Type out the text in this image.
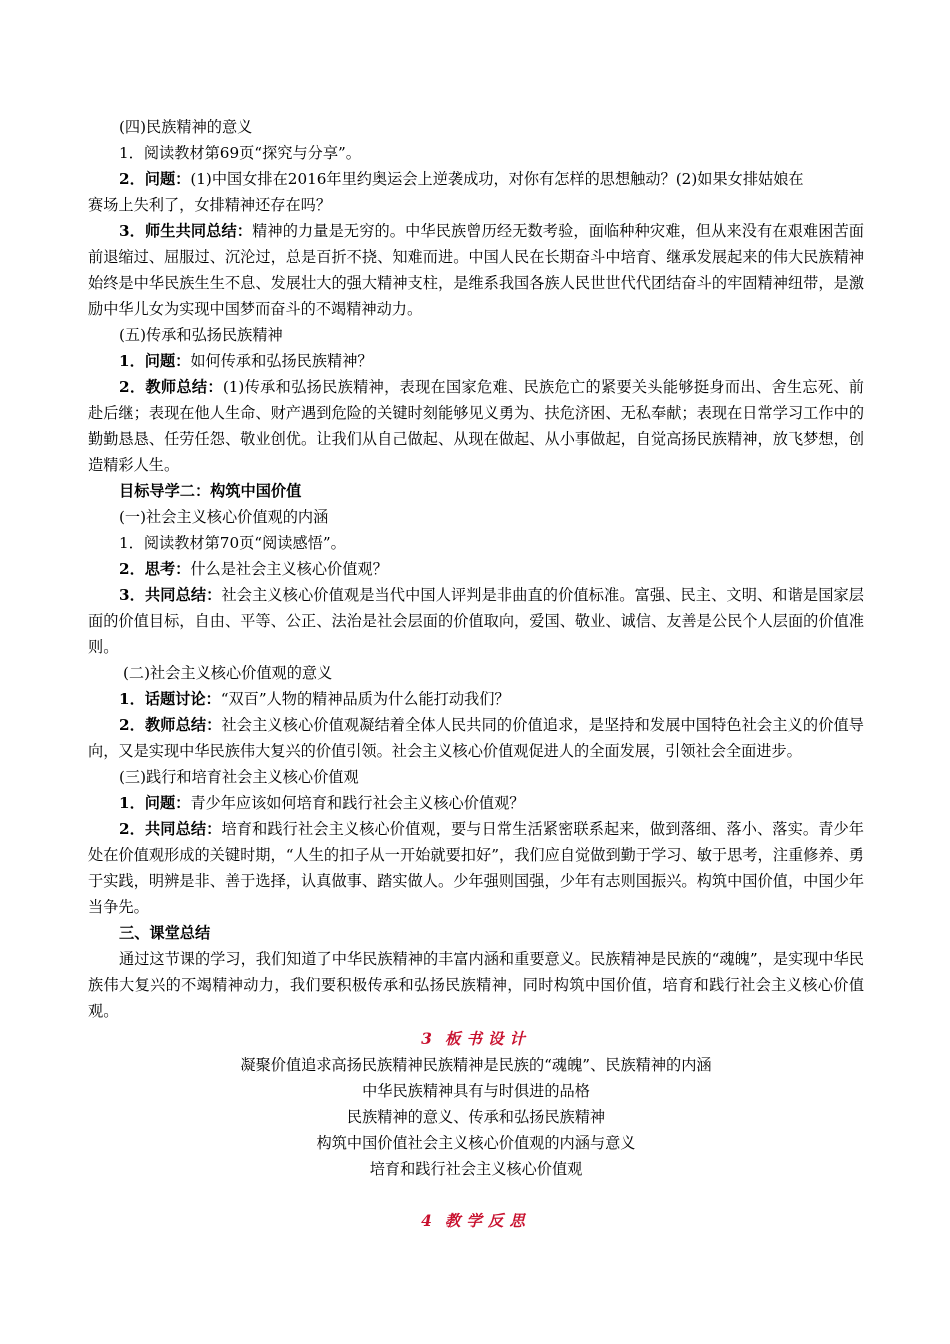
(四)民族精神的意义

1．阅读教材第69页“探究与分享”。

2．问题：(1)中国女排在2016年里约奥运会上逆袭成功，对你有怎样的思想触动？(2)如果女排姑娘在

赛场上失利了，女排精神还存在吗？

3．师生共同总结：精神的力量是无穷的。中华民族曾历经无数考验，面临种种灾难，但从来没有在艰难困苦面前退缩过、屈服过、沉沦过，总是百折不挠、知难而进。中国人民在长期奋斗中培育、继承发展起来的伟大民族精神始终是中华民族生生不息、发展壮大的强大精神支柱，是维系我国各族人民世世代代团结奋斗的牢固精神纽带，是激励中华儿女为实现中国梦而奋斗的不竭精神动力。

(五)传承和弘扬民族精神

1．问题：如何传承和弘扬民族精神？

2．教师总结：(1)传承和弘扬民族精神，表现在国家危难、民族危亡的紧要关头能够挺身而出、舍生忘死、前赴后继；表现在他人生命、财产遇到危险的关键时刻能够见义勇为、扶危济困、无私奉献；表现在日常学习工作中的勤勤恳恳、任劳任怨、敬业创优。让我们从自己做起、从现在做起、从小事做起，自觉高扬民族精神，放飞梦想，创造精彩人生。

目标导学二：构筑中国价值

(一)社会主义核心价值观的内涵

1．阅读教材第70页“阅读感悟”。

2．思考：什么是社会主义核心价值观？

3．共同总结：社会主义核心价值观是当代中国人评判是非曲直的价值标准。富强、民主、文明、和谐是国家层面的价值目标，自由、平等、公正、法治是社会层面的价值取向，爱国、敬业、诚信、友善是公民个人层面的价值准则。

(二)社会主义核心价值观的意义

1．话题讨论：“双百”人物的精神品质为什么能打动我们？

2．教师总结：社会主义核心价值观凝结着全体人民共同的价值追求，是坚持和发展中国特色社会主义的价值导向，又是实现中华民族伟大复兴的价值引领。社会主义核心价值观促进人的全面发展，引领社会全面进步。

(三)践行和培育社会主义核心价值观

1．问题：青少年应该如何培育和践行社会主义核心价值观？

2．共同总结：培育和践行社会主义核心价值观，要与日常生活紧密联系起来，做到落细、落小、落实。青少年处在价值观形成的关键时期，“人生的扣子从一开始就要扣好”，我们应自觉做到勤于学习、敏于思考，注重修养、勇于实践，明辨是非、善于选择，认真做事、踏实做人。少年强则国强，少年有志则国振兴。构筑中国价值，中国少年当争先。

三、课堂总结

通过这节课的学习，我们知道了中华民族精神的丰富内涵和重要意义。民族精神是民族的“魂魄”，是实现中华民族伟大复兴的不竭精神动力，我们要积极传承和弘扬民族精神，同时构筑中国价值，培育和践行社会主义核心价值观。

3 板书设计

凝聚价值追求高扬民族精神民族精神是民族的“魂魄”、民族精神的内涵

中华民族精神具有与时俱进的品格

民族精神的意义、传承和弘扬民族精神

构筑中国价值社会主义核心价值观的内涵与意义

培育和践行社会主义核心价值观

4 教学反思
